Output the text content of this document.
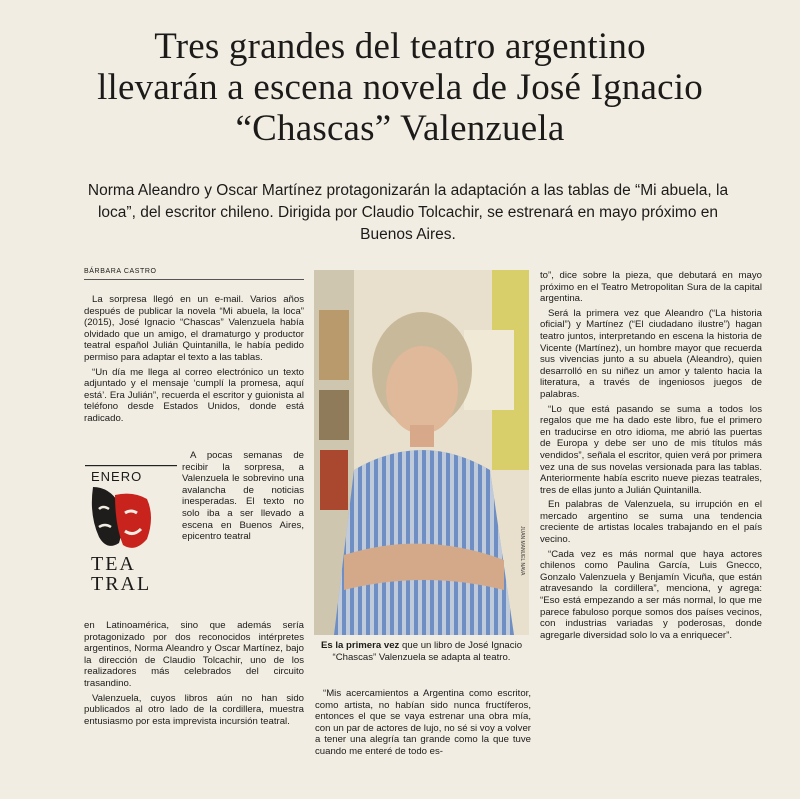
Tres grandes del teatro argentino llevarán a escena novela de José Ignacio “Chascas” Valenzuela
Norma Aleandro y Oscar Martínez protagonizarán la adaptación a las tablas de “Mi abuela, la loca”, del escritor chileno. Dirigida por Claudio Tolcachir, se estrenará en mayo próximo en Buenos Aires.
BÁRBARA CASTRO

La sorpresa llegó en un e-mail. Varios años después de publicar la novela “Mi abuela, la loca” (2015), José Ignacio “Chascas” Valenzuela había olvidado que un amigo, el dramaturgo y productor teatral español Julián Quintanilla, le había pedido permiso para adaptar el texto a las tablas.

“Un día me llega al correo electrónico un texto adjuntado y el mensaje ‘cumplí la promesa, aquí está’. Era Julián”, recuerda el escritor y guionista al teléfono desde Estados Unidos, donde está radicado.

ENERO
TEA
TRAL

A pocas semanas de recibir la sorpresa, a Valenzuela le sobrevino una avalancha de noticias inesperadas. El texto no solo iba a ser llevado a escena en Buenos Aires, epicentro teatral

en Latinoamérica, sino que además sería protagonizado por dos reconocidos intérpretes argentinos, Norma Aleandro y Oscar Martínez, bajo la dirección de Claudio Tolcachir, uno de los realizadores más celebrados del circuito trasandino.

Valenzuela, cuyos libros aún no han sido publicados al otro lado de la cordillera, muestra entusiasmo por esta imprevista incursión teatral.

JUAN MANUEL NAVA
Es la primera vez que un libro de José Ignacio “Chascas” Valenzuela se adapta al teatro.

“Mis acercamientos a Argentina como escritor, como artista, no habían sido nunca fructíferos, entonces el que se vaya estrenar una obra mía, con un par de actores de lujo, no sé si voy a volver a tener una alegría tan grande como la que tuve cuando me enteré de todo es-

to”, dice sobre la pieza, que debutará en mayo próximo en el Teatro Metropolitan Sura de la capital argentina.

Será la primera vez que Aleandro (“La historia oficial”) y Martínez (“El ciudadano ilustre”) hagan teatro juntos, interpretando en escena la historia de Vicente (Martínez), un hombre mayor que recuerda sus vivencias junto a su abuela (Aleandro), quien desarrolló en su niñez un amor y talento hacia la literatura, a través de ingeniosos juegos de palabras.

“Lo que está pasando se suma a todos los regalos que me ha dado este libro, fue el primero en traducirse en otro idioma, me abrió las puertas de Europa y debe ser uno de mis títulos más vendidos”, señala el escritor, quien verá por primera vez una de sus novelas versionada para las tablas. Anteriormente había escrito nueve piezas teatrales, tres de ellas junto a Julián Quintanilla.

En palabras de Valenzuela, su irrupción en el mercado argentino se suma una tendencia creciente de artistas locales trabajando en el país vecino.

“Cada vez es más normal que haya actores chilenos como Paulina García, Luis Gnecco, Gonzalo Valenzuela y Benjamín Vicuña, que están atravesando la cordillera”, menciona, y agrega: “Eso está empezando a ser más normal, lo que me parece fabuloso porque somos dos países vecinos, con industrias variadas y poderosas, donde agregarle diversidad solo lo va a enriquecer”.
